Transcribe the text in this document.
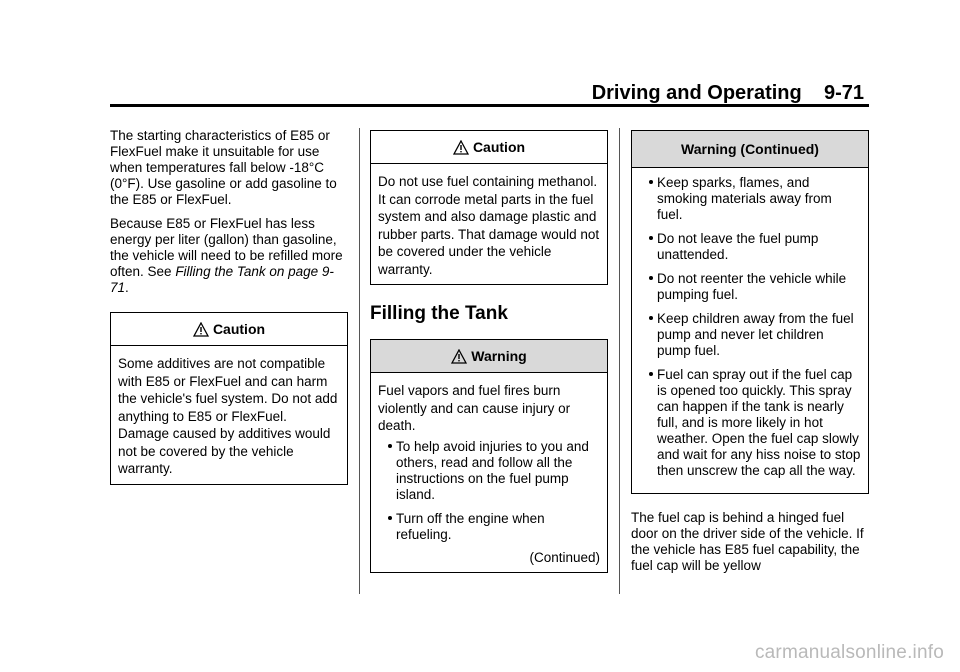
Driving and Operating 9-71

The starting characteristics of E85 or FlexFuel make it unsuitable for use when temperatures fall below -18°C (0°F). Use gasoline or add gasoline to the E85 or FlexFuel.

Because E85 or FlexFuel has less energy per liter (gallon) than gasoline, the vehicle will need to be refilled more often. See Filling the Tank on page 9-71.

Caution
Some additives are not compatible with E85 or FlexFuel and can harm the vehicle's fuel system. Do not add anything to E85 or FlexFuel. Damage caused by additives would not be covered by the vehicle warranty.
Caution
Do not use fuel containing methanol. It can corrode metal parts in the fuel system and also damage plastic and rubber parts. That damage would not be covered under the vehicle warranty.
Filling the Tank
Warning
Fuel vapors and fuel fires burn violently and can cause injury or death.
To help avoid injuries to you and others, read and follow all the instructions on the fuel pump island.
Turn off the engine when refueling.
(Continued)
Warning (Continued)
Keep sparks, flames, and smoking materials away from fuel.
Do not leave the fuel pump unattended.
Do not reenter the vehicle while pumping fuel.
Keep children away from the fuel pump and never let children pump fuel.
Fuel can spray out if the fuel cap is opened too quickly. This spray can happen if the tank is nearly full, and is more likely in hot weather. Open the fuel cap slowly and wait for any hiss noise to stop then unscrew the cap all the way.

The fuel cap is behind a hinged fuel door on the driver side of the vehicle. If the vehicle has E85 fuel capability, the fuel cap will be yellow

carmanualsonline.info
